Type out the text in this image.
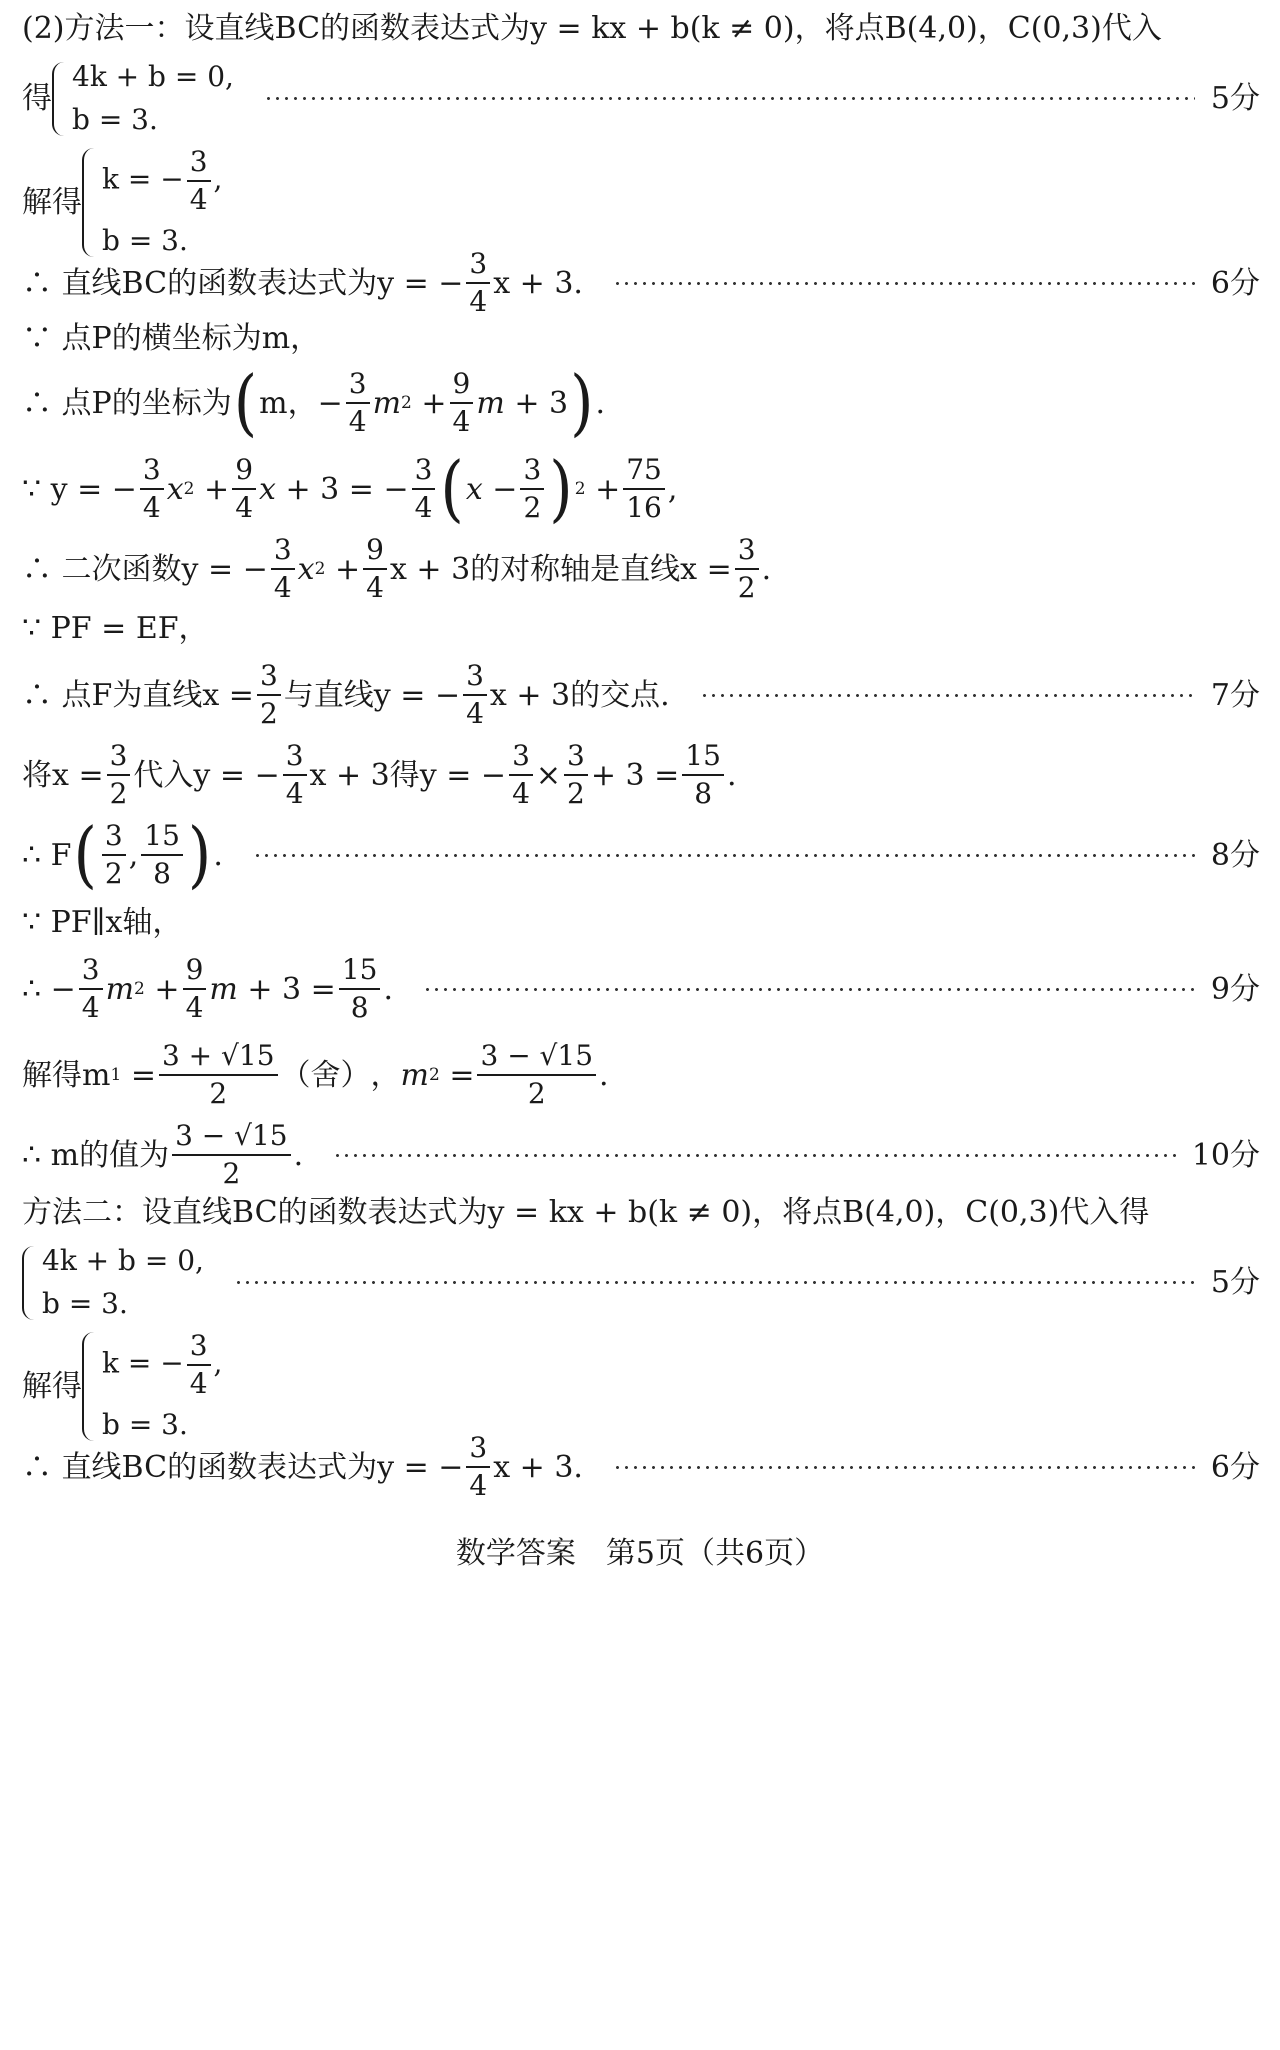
(2)方法一：设直线BC的函数表达式为y = kx + b(k ≠ 0)，将点B(4,0)，C(0,3)代入
得
4k + b = 0,
b = 3.
5分
解得
k = − $\frac{3}{4}$ ,
b = 3.
∴ 直线BC的函数表达式为y = − $\frac{3}{4}$ x + 3.	6分
∵ 点P的横坐标为m，
∴ 点P的坐标为 ( m，− $\frac{3}{4}$ m $2 + \frac{9}{4}$ m + 3 ) .
∵ y = − $\frac{3}{4}$ x $2 + \frac{9}{4}$ x + 3 = − $\frac{3}{4}$ ( $x - \frac{3}{2}$ ) $2 + \frac{75}{16}$ ,
∴ 二次函数y = − $\frac{3}{4}$ x $2 + \frac{9}{4}$ x + 3的对称轴是直线$x = \frac{3}{2}$ .
∵ PF = EF，
∴ 点F为直线$x = \frac{3}{2}$ 与直线y = − $\frac{3}{4}$ x + 3的交点.	7分
将$x = \frac{3}{2}$ 代入y = − $\frac{3}{4}$ x + 3得y = − $\frac{3}{4} \times \frac{3}{2} + 3 = \frac{15}{8}$ .
∴ F ( $\frac{3}{2}$ , $\frac{15}{8}$ ) .	8分
∵ PF∥x轴，
∴ − $\frac{3}{4}$ m $2 + \frac{9}{4}$ $m + 3 = \frac{15}{8}$ .	9分
解得m $1 = \frac{3 + √15}{2}$ （舍） ， m $2 = \frac{3 - √15}{2}$ .
∴ m的值为 $\frac{3 - √15}{2}$ .	10分
方法二：设直线BC的函数表达式为y = kx + b(k ≠ 0)，将点B(4,0)，C(0,3)代入得
4k + b = 0,
b = 3.
5分
解得
k = − $\frac{3}{4}$ ,
b = 3.
∴ 直线BC的函数表达式为y = − $\frac{3}{4}$ x + 3.	6分
数学答案　第5页（共6页）
